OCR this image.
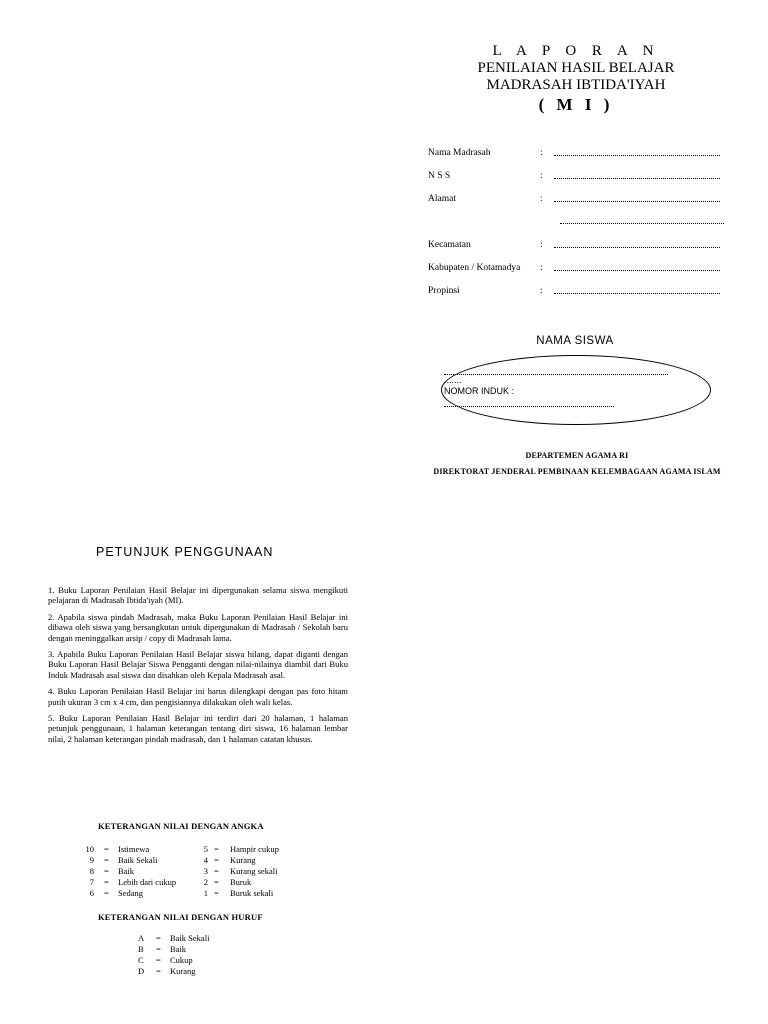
L A P O R A N
PENILAIAN HASIL BELAJAR
MADRASAH IBTIDA'IYAH
( M I )
Nama Madrasah	:
N S S	:
Alamat	:
Kecamatan	:
Kabupaten / Kotamadya :
Propinsi	:
NAMA SISWA
.......
NOMOR INDUK :
DEPARTEMEN AGAMA RI
DIREKTORAT JENDERAL PEMBINAAN KELEMBAGAAN AGAMA ISLAM
PETUNJUK PENGGUNAAN

1. Buku Laporan Penilaian Hasil Belajar ini dipergunakan selama siswa mengikuti pelajaran di Madrasah Ibtida'iyah (MI).

2. Apabila siswa pindah Madrasah, maka Buku Laporan Penilaian Hasil Belajar ini dibawa oleh siswa yang bersangkutan untuk dipergunakan di Madrasah / Sekolah baru dengan meninggalkan arsip / copy di Madrasah lama.

3. Apabila Buku Laporan Penilaian Hasil Belajar siswa hilang, dapat diganti dengan Buku Laporan Hasil Belajar Siswa Pengganti dengan nilai-nilainya diambil dari Buku Induk Madrasah asal siswa dan disahkan oleh Kepala Madrasah asal.

4. Buku Laporan Penilaian Hasil Belajar ini harus dilengkapi dengan pas foto hitam putih ukuran 3 cm x 4 cm, dan pengisiannya dilakukan oleh wali kelas.

5. Buku Laporan Penilaian Hasil Belajar ini terdiri dari 20 halaman, 1 halaman petunjuk penggunaan, 1 halaman keterangan tentang diri siswa, 16 halaman lembar nilai, 2 halaman keterangan pindah madrasah, dan 1 halaman catatan khusus.

KETERANGAN NILAI DENGAN ANGKA
10 = Istimewa	5 = Hampir cukup
9 = Baik Sekali	4 = Kurang
8 = Baik	3 = Kurang sekali
7 = Lebih dari cukup	2 = Buruk
6 = Sedang	1 = Buruk sekali
KETERANGAN NILAI DENGAN HURUF
A = Baik Sekali
B = Baik
C = Cukup
D = Kurang
